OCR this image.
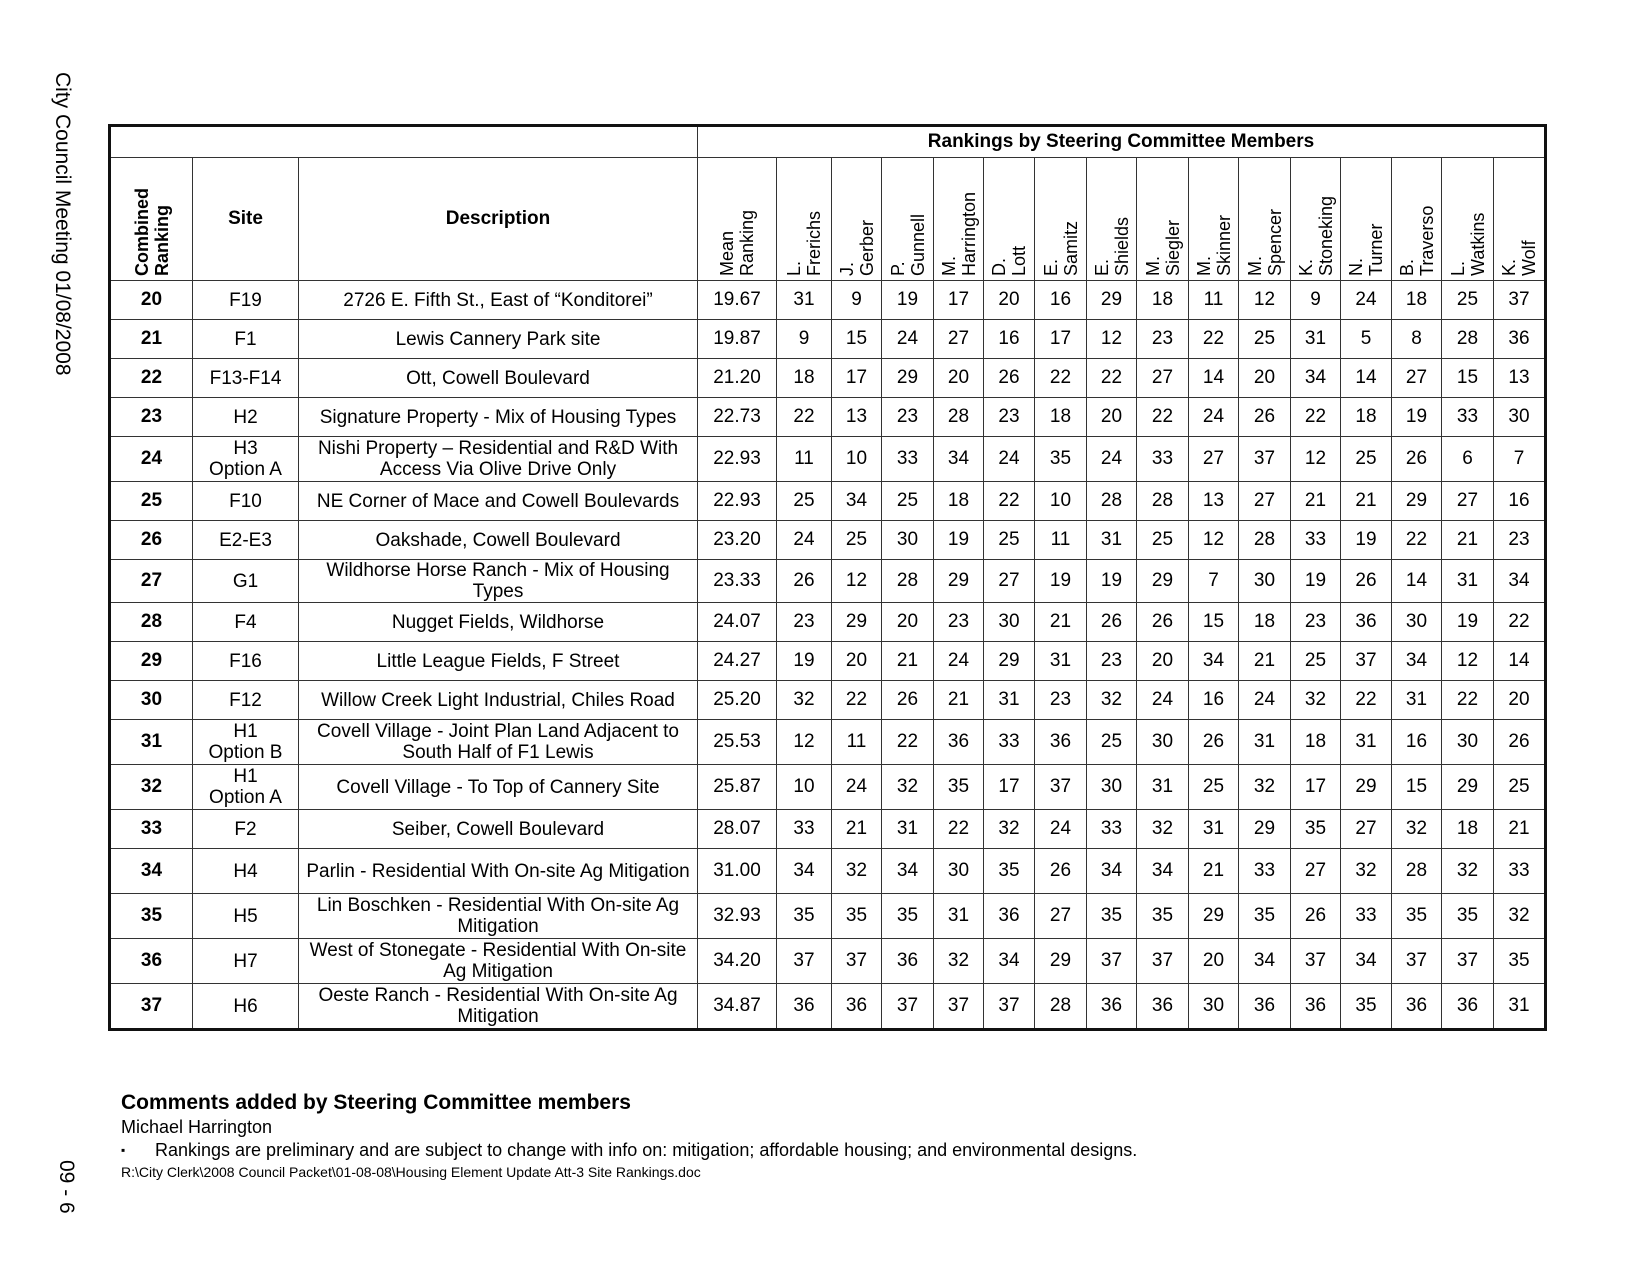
City Council Meeting 01/08/2008
			Rankings by Steering Committee Members															

Combined Ranking	Site	Description	
Mean Ranking	L. Frerichs	J. Gerber	P. Gunnell	M. Harrington	D. Lott	E. Samitz	E. Shields	M. Siegler	M. Skinner	M. Spencer	K. Stoneking	N. Turner	B. Traverso	L. Watkins	K. Wolf

20	F19	2726 E. Fifth St., East of “Konditorei”	19.67	31	9	19	17	20	16	29	18	11	12	9	24	18	25	37
21	F1	Lewis Cannery Park site	19.87	9	15	24	27	16	17	12	23	22	25	31	5	8	28	36
22	F13-F14	Ott, Cowell Boulevard	21.20	18	17	29	20	26	22	22	27	14	20	34	14	27	15	13
23	H2	Signature Property - Mix of Housing Types	22.73	22	13	23	28	23	18	20	22	24	26	22	18	19	33	30
24	H3
Option A	Nishi Property – Residential and R&D With Access Via Olive Drive Only	22.93	11	10	33	34	24	35	24	33	27	37	12	25	26	6	7
25	F10	NE Corner of Mace and Cowell Boulevards	22.93	25	34	25	18	22	10	28	28	13	27	21	21	29	27	16
26	E2-E3	Oakshade, Cowell Boulevard	23.20	24	25	30	19	25	11	31	25	12	28	33	19	22	21	23
27	G1	Wildhorse Horse Ranch - Mix of Housing Types	23.33	26	12	28	29	27	19	19	29	7	30	19	26	14	31	34
28	F4	Nugget Fields, Wildhorse	24.07	23	29	20	23	30	21	26	26	15	18	23	36	30	19	22
29	F16	Little League Fields, F Street	24.27	19	20	21	24	29	31	23	20	34	21	25	37	34	12	14
30	F12	Willow Creek Light Industrial, Chiles Road	25.20	32	22	26	21	31	23	32	24	16	24	32	22	31	22	20
31	H1
Option B	Covell Village - Joint Plan Land Adjacent to South Half of F1 Lewis	25.53	12	11	22	36	33	36	25	30	26	31	18	31	16	30	26
32	H1
Option A	Covell Village - To Top of Cannery Site	25.87	10	24	32	35	17	37	30	31	25	32	17	29	15	29	25
33	F2	Seiber, Cowell Boulevard	28.07	33	21	31	22	32	24	33	32	31	29	35	27	32	18	21
34	H4	Parlin - Residential With On-site Ag Mitigation	31.00	34	32	34	30	35	26	34	34	21	33	27	32	28	32	33
35	H5	Lin Boschken - Residential With On-site Ag Mitigation	32.93	35	35	35	31	36	27	35	35	29	35	26	33	35	35	32
36	H7	West of Stonegate - Residential With On-site Ag Mitigation	34.20	37	37	36	32	34	29	37	37	20	34	37	34	37	37	35
37	H6	Oeste Ranch - Residential With On-site Ag Mitigation	34.87	36	36	37	37	37	28	36	36	30	36	36	35	36	36	31
Comments added by Steering Committee members
Michael Harrington
▪	Rankings are preliminary and are subject to change with info on: mitigation; affordable housing; and environmental designs.
R:\City Clerk\2008 Council Packet\01-08-08\Housing Element Update Att-3 Site Rankings.doc
09 - 6
